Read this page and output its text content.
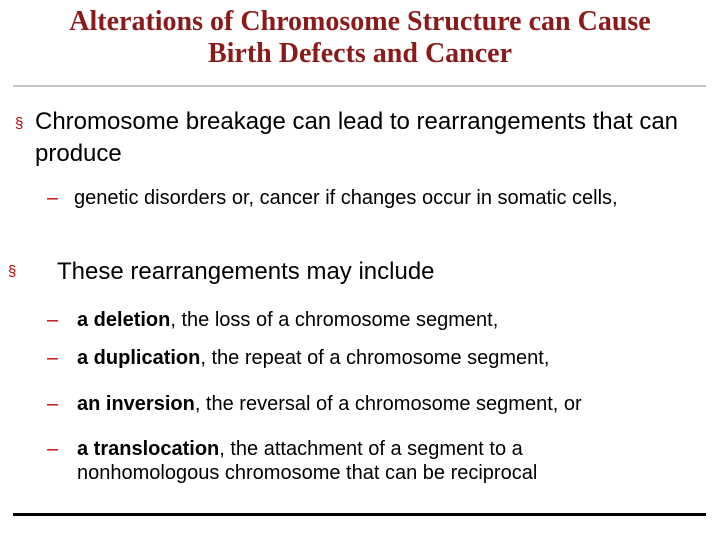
Alterations of Chromosome Structure can Cause
Birth Defects and Cancer
§ Chromosome breakage can lead to rearrangements that can produce
– genetic disorders or, cancer if changes occur in somatic cells,
§ These rearrangements may include
– a deletion, the loss of a chromosome segment,
– a duplication, the repeat of a chromosome segment,
– an inversion, the reversal of a chromosome segment, or
– a translocation, the attachment of a segment to a nonhomologous chromosome that can be reciprocal
